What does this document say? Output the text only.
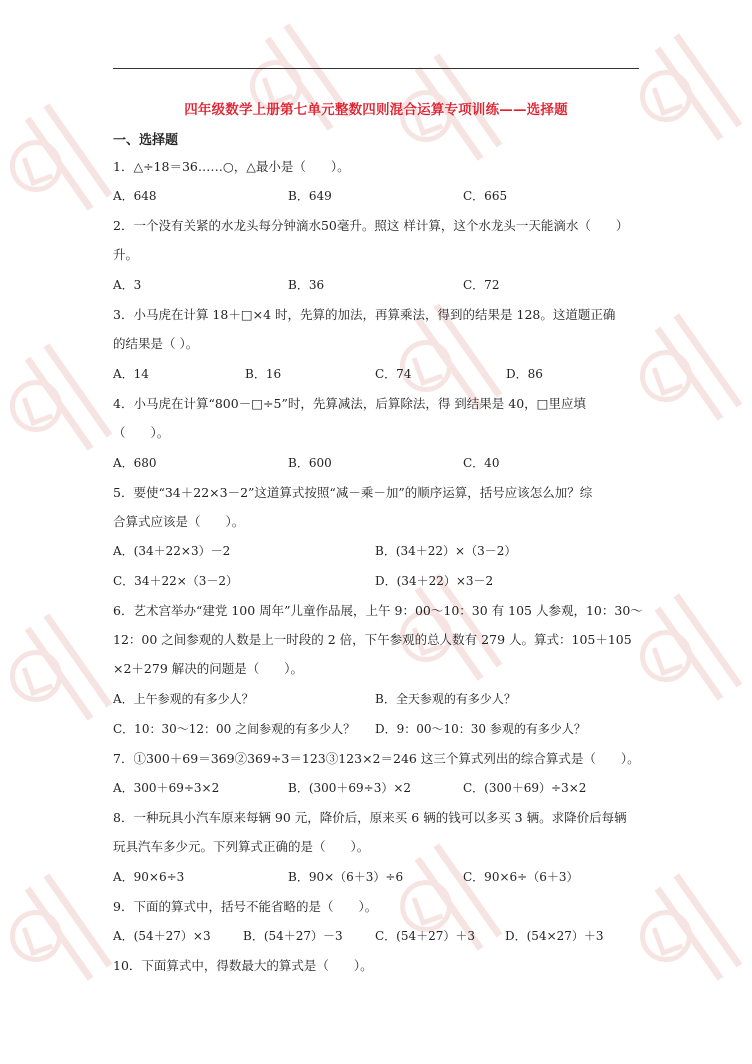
四年级数学上册第七单元整数四则混合运算专项训练——选择题
一、选择题
1．△÷18＝36……○，△最小是（　　）。
A．648	B．649	C．665
2．一个没有关紧的水龙头每分钟滴水50毫升。照这 样计算，这个水龙头一天能滴水（　　）
升。
A．3	B．36	C．72
3．小马虎在计算 18＋□×4 时，先算的加法，再算乘法，得到的结果是 128。这道题正确
的结果是（ ）。
A．14	B．16	C．74	D．86
4．小马虎在计算“800－□÷5”时，先算减法，后算除法，得 到结果是 40，□里应填
（　　）。
A．680	B．600	C．40
5．要使“34＋22×3－2”这道算式按照“减－乘－加”的顺序运算，括号应该怎么加？综
合算式应该是（　　）。
A．(34＋22×3）－2	B．(34＋22）×（3－2）
C．34＋22×（3－2）	D．(34＋22）×3－2
6．艺术宫举办“建党 100 周年”儿童作品展，上午 9：00～10：30 有 105 人参观，10：30～
12：00 之间参观的人数是上一时段的 2 倍，下午参观的总人数有 279 人。算式：105＋105
×2＋279 解决的问题是（　　）。
A．上午参观的有多少人？	B．全天参观的有多少人？
C．10：30～12：00 之间参观的有多少人？ D．9：00～10：30 参观的有多少人？
7．①300＋69＝369②369÷3＝123③123×2＝246 这三个算式列出的综合算式是（　　）。
A．300＋69÷3×2	B．(300＋69÷3）×2	C．(300＋69）÷3×2
8．一种玩具小汽车原来每辆 90 元，降价后，原来买 6 辆的钱可以多买 3 辆。求降价后每辆
玩具汽车多少元。下列算式正确的是（　　）。
A．90×6÷3	B．90×（6＋3）÷6	C．90×6÷（6＋3）
9．下面的算式中，括号不能省略的是（　　）。
A．(54＋27）×3	B．(54＋27）－3	C．(54＋27）＋3 D．(54×27）＋3
10．下面算式中，得数最大的算式是（　　）。
